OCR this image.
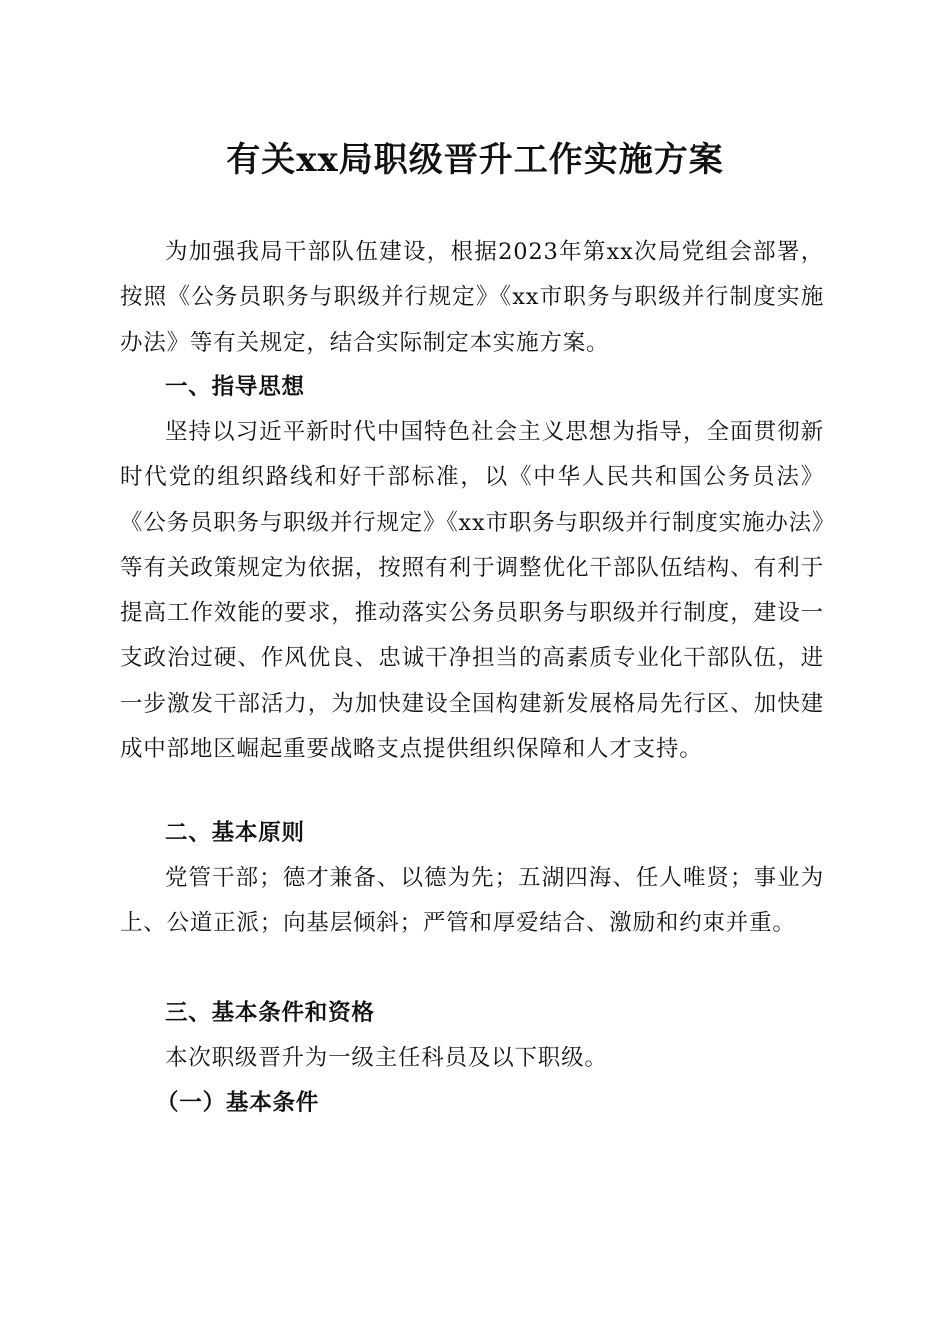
有关xx局职级晋升工作实施方案

为加强我局干部队伍建设，根据2023年第xx次局党组会部署，按照《公务员职务与职级并行规定》《xx市职务与职级并行制度实施办法》等有关规定，结合实际制定本实施方案。

一、指导思想

坚持以习近平新时代中国特色社会主义思想为指导，全面贯彻新时代党的组织路线和好干部标准，以《中华人民共和国公务员法》《公务员职务与职级并行规定》《xx市职务与职级并行制度实施办法》等有关政策规定为依据，按照有利于调整优化干部队伍结构、有利于提高工作效能的要求，推动落实公务员职务与职级并行制度，建设一支政治过硬、作风优良、忠诚干净担当的高素质专业化干部队伍，进一步激发干部活力，为加快建设全国构建新发展格局先行区、加快建成中部地区崛起重要战略支点提供组织保障和人才支持。

二、基本原则

党管干部；德才兼备、以德为先；五湖四海、任人唯贤；事业为上、公道正派；向基层倾斜；严管和厚爱结合、激励和约束并重。

三、基本条件和资格

本次职级晋升为一级主任科员及以下职级。

（一）基本条件
